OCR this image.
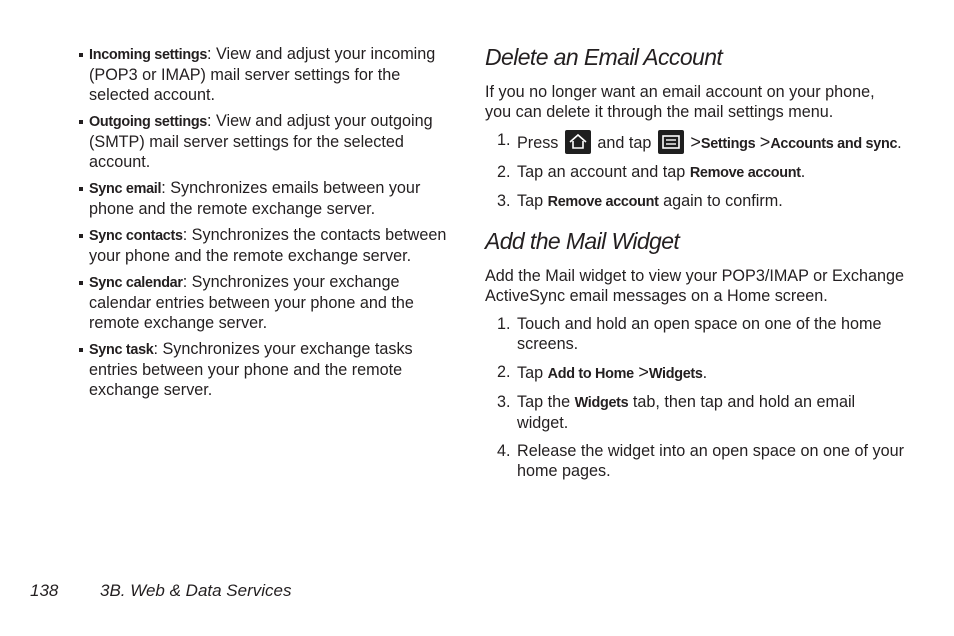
Incoming settings: View and adjust your incoming (POP3 or IMAP) mail server settings for the selected account.
Outgoing settings: View and adjust your outgoing (SMTP) mail server settings for the selected account.
Sync email: Synchronizes emails between your phone and the remote exchange server.
Sync contacts: Synchronizes the contacts between your phone and the remote exchange server.
Sync calendar: Synchronizes your exchange calendar entries between your phone and the remote exchange server.
Sync task: Synchronizes your exchange tasks entries between your phone and the remote exchange server.
Delete an Email Account
If you no longer want an email account on your phone, you can delete it through the mail settings menu.
1. Press and tap >Settings >Accounts and sync.
2. Tap an account and tap Remove account.
3. Tap Remove account again to confirm.
Add the Mail Widget
Add the Mail widget to view your POP3/IMAP or Exchange ActiveSync email messages on a Home screen.
1. Touch and hold an open space on one of the home screens.
2. Tap Add to Home >Widgets.
3. Tap the Widgets tab, then tap and hold an email widget.
4. Release the widget into an open space on one of your home pages.
138 3B. Web & Data Services
